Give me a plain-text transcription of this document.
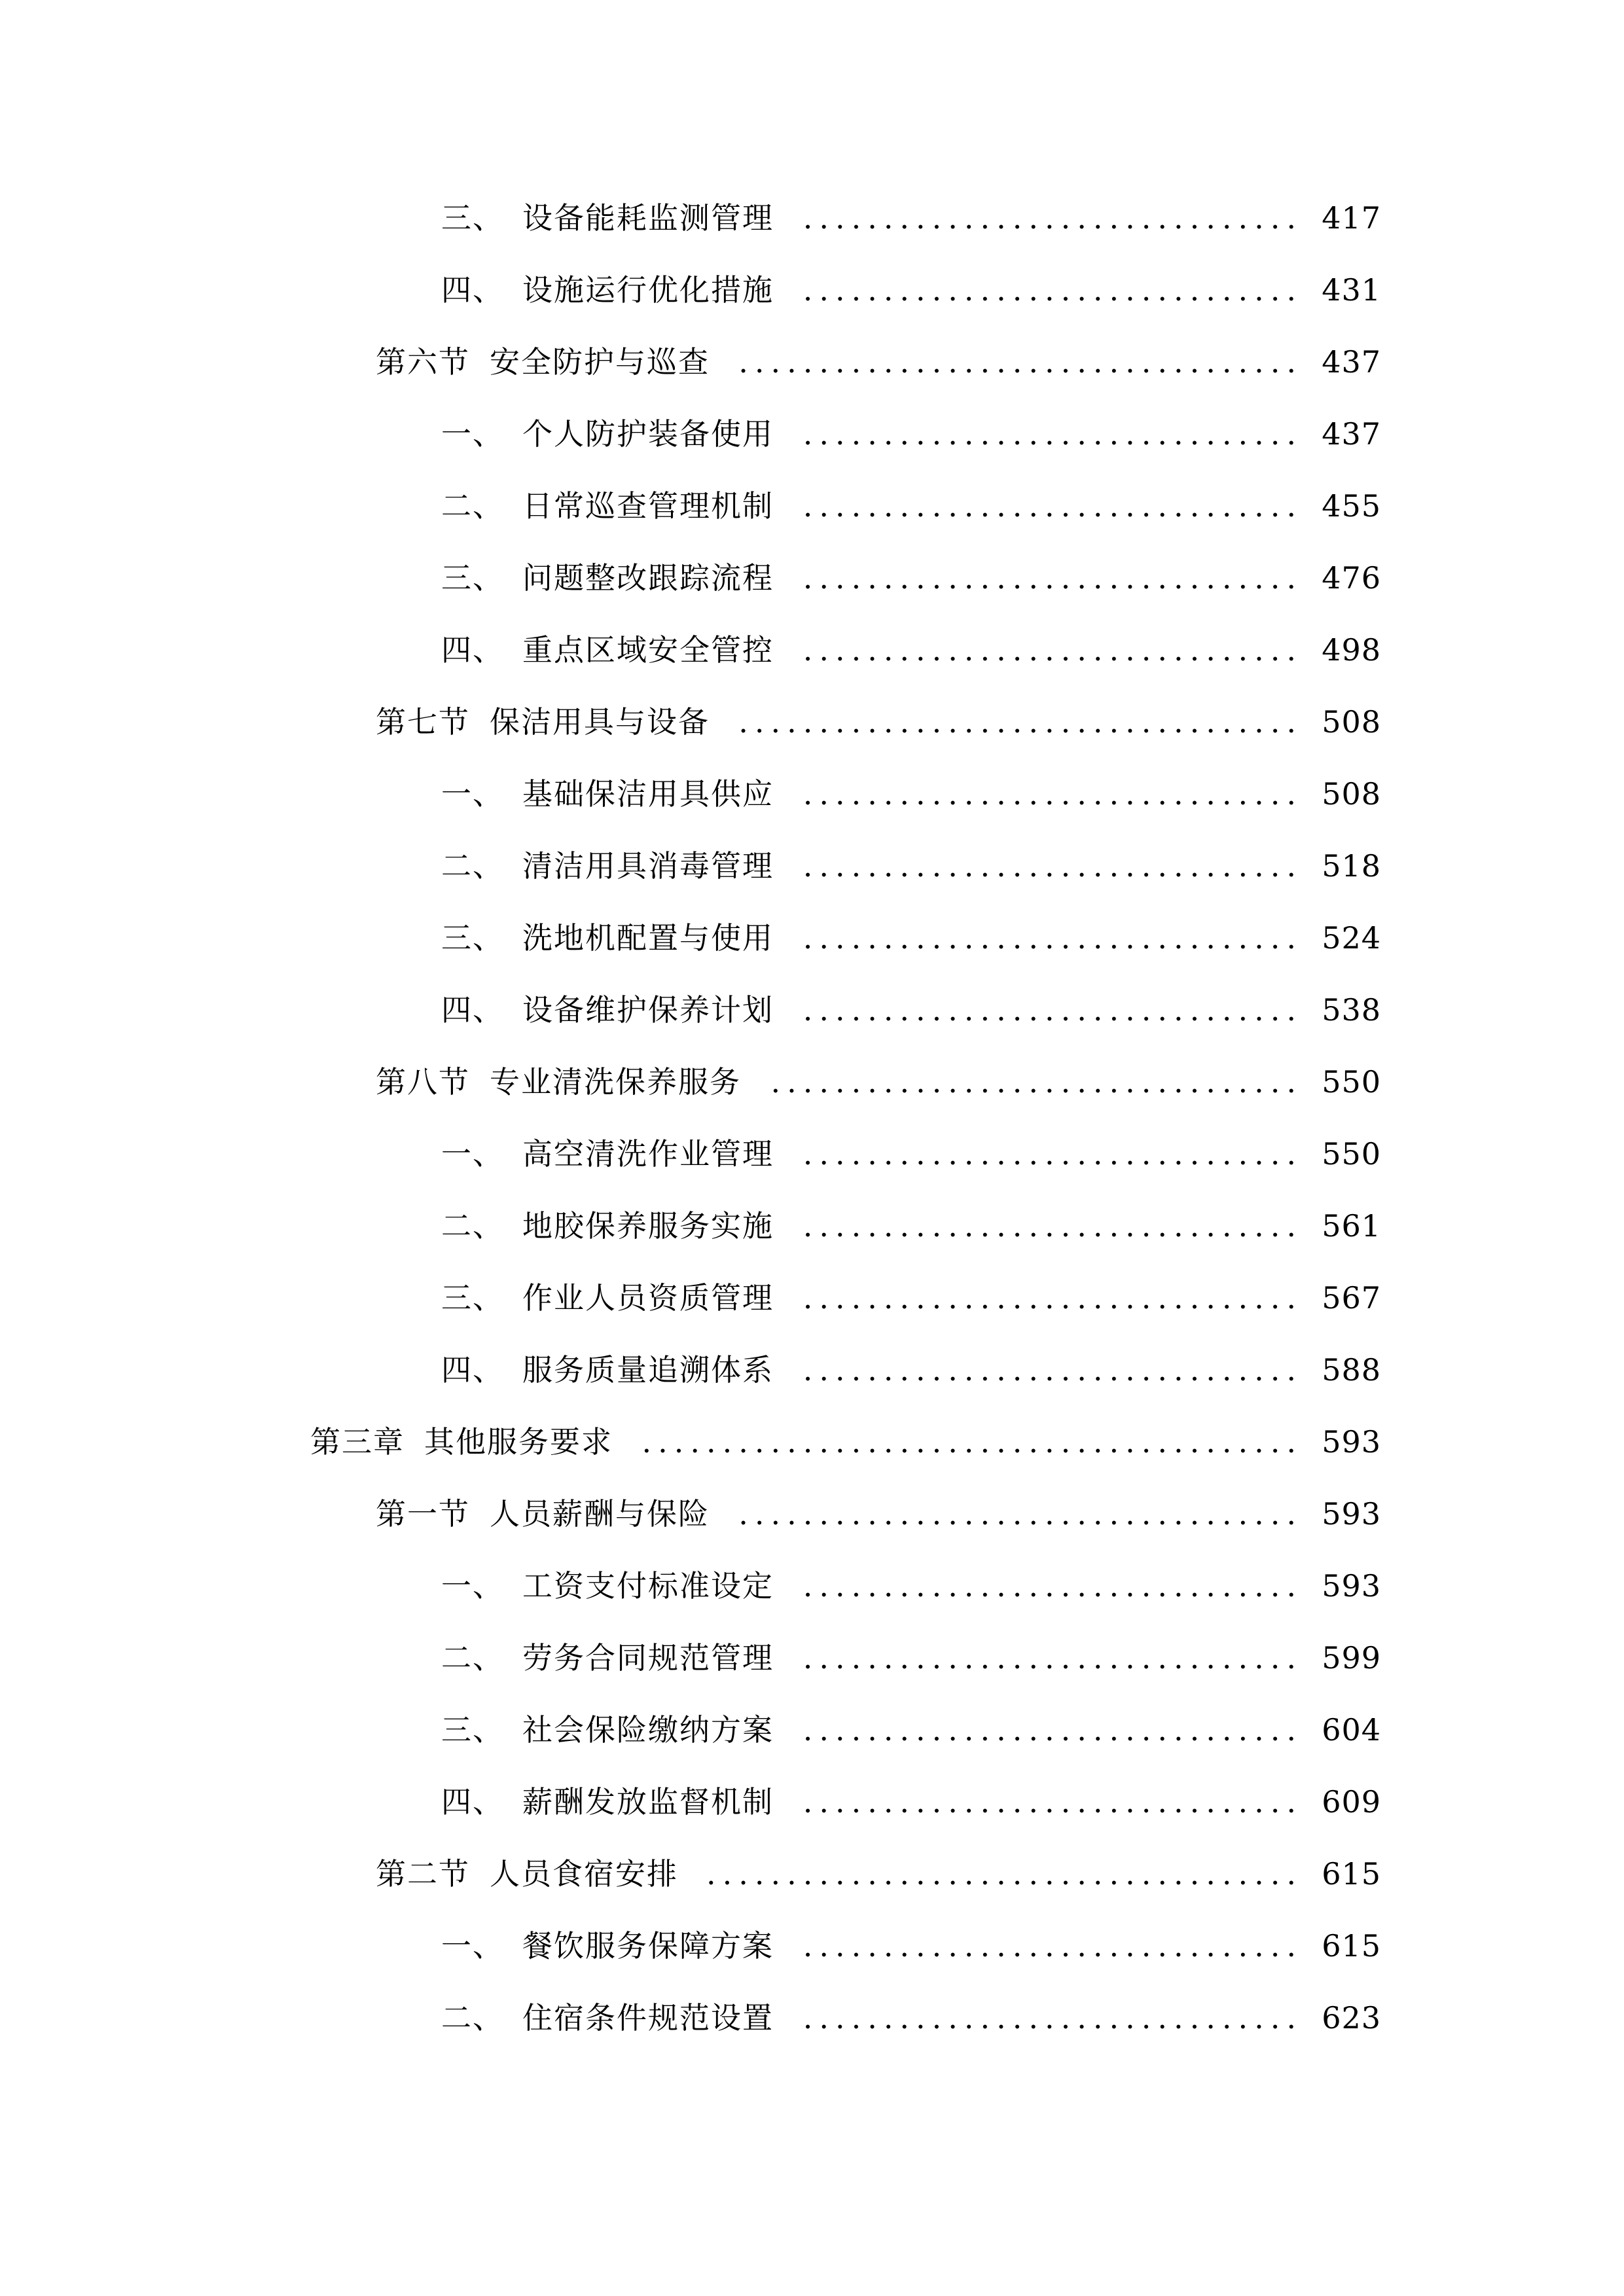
三、 设备能耗监测管理 ............................... 417
四、 设施运行优化措施 ............................... 431
第六节 安全防护与巡查 ................................... 437
一、 个人防护装备使用 ............................... 437
二、 日常巡查管理机制 ............................... 455
三、 问题整改跟踪流程 ............................... 476
四、 重点区域安全管控 ............................... 498
第七节 保洁用具与设备 ................................... 508
一、 基础保洁用具供应 ............................... 508
二、 清洁用具消毒管理 ............................... 518
三、 洗地机配置与使用 ............................... 524
四、 设备维护保养计划 ............................... 538
第八节 专业清洗保养服务 ................................. 550
一、 高空清洗作业管理 ............................... 550
二、 地胶保养服务实施 ............................... 561
三、 作业人员资质管理 ............................... 567
四、 服务质量追溯体系 ............................... 588
第三章 其他服务要求 ......................................... 593
第一节 人员薪酬与保险 ................................... 593
一、 工资支付标准设定 ............................... 593
二、 劳务合同规范管理 ............................... 599
三、 社会保险缴纳方案 ............................... 604
四、 薪酬发放监督机制 ............................... 609
第二节 人员食宿安排 ..................................... 615
一、 餐饮服务保障方案 ............................... 615
二、 住宿条件规范设置 ............................... 623
